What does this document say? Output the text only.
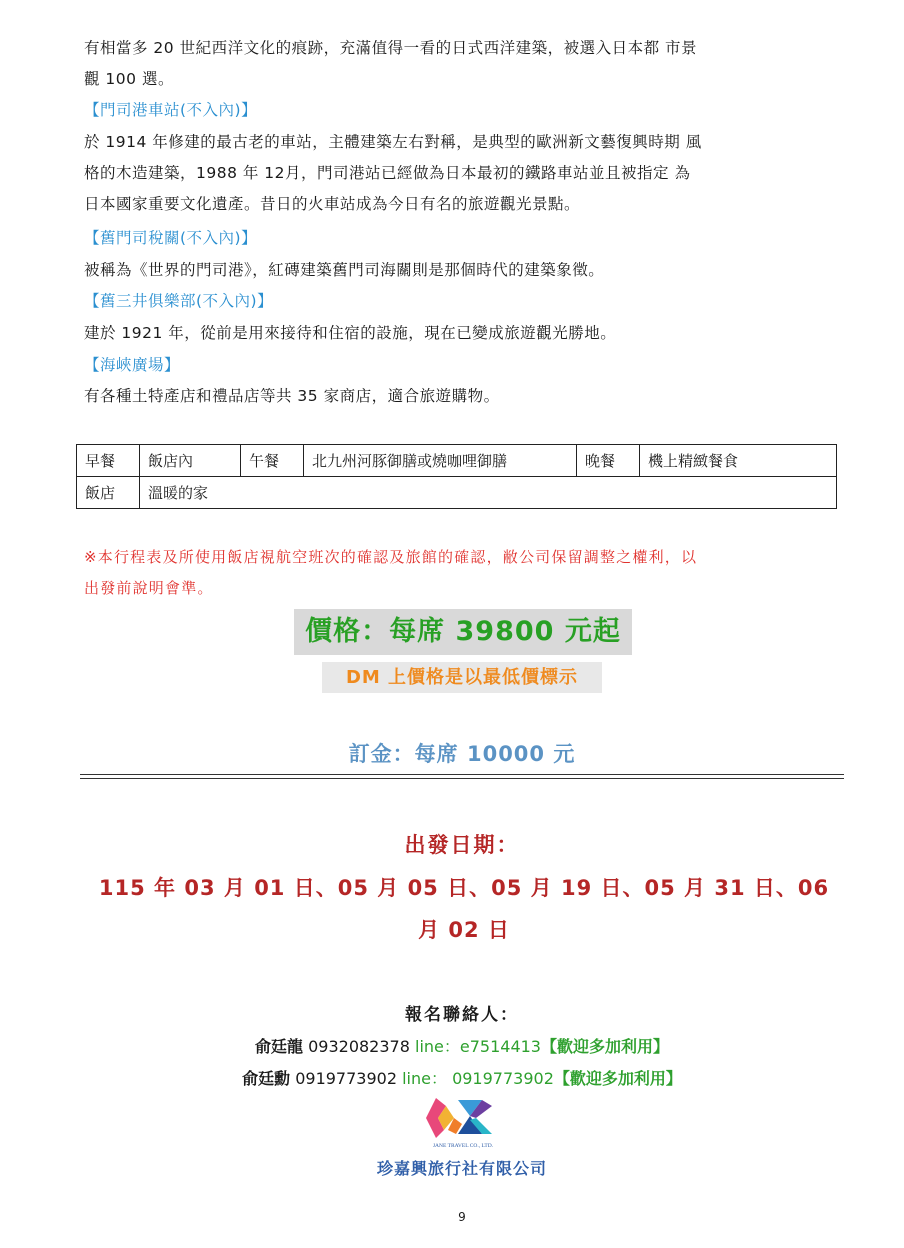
有相當多 20 世紀西洋文化的痕跡，充滿值得一看的日式西洋建築，被選入日本都 市景
觀 100 選。
【門司港車站(不入內)】
於 1914 年修建的最古老的車站，主體建築左右對稱，是典型的歐洲新文藝復興時期 風
格的木造建築，1988 年 12月，門司港站已經做為日本最初的鐵路車站並且被指定 為
日本國家重要文化遺產。昔日的火車站成為今日有名的旅遊觀光景點。
【舊門司稅關(不入內)】
被稱為《世界的門司港》，紅磚建築舊門司海關則是那個時代的建築象徵。
【舊三井俱樂部(不入內)】
建於 1921 年，從前是用來接待和住宿的設施，現在已變成旅遊觀光勝地。
【海峽廣場】
有各種土特產店和禮品店等共 35 家商店，適合旅遊購物。
早餐	飯店內	午餐	北九州河豚御膳或燒咖哩御膳	晚餐	機上精緻餐食
飯店	溫暖的家				
※本行程表及所使用飯店視航空班次的確認及旅館的確認，敝公司保留調整之權利，以
出發前說明會準。
價格：每席 39800 元起
DM 上價格是以最低價標示
訂金：每席 10000 元
出發日期：
115 年 03 月 01 日、05 月 05 日、05 月 19 日、05 月 31 日、06
月 02 日
報名聯絡人：
俞廷龍 0932082378 line：e7514413【歡迎多加利用】
俞廷勳 0919773902 line： 0919773902【歡迎多加利用】
JANE TRAVEL CO., LTD.
珍嘉興旅行社有限公司
9
